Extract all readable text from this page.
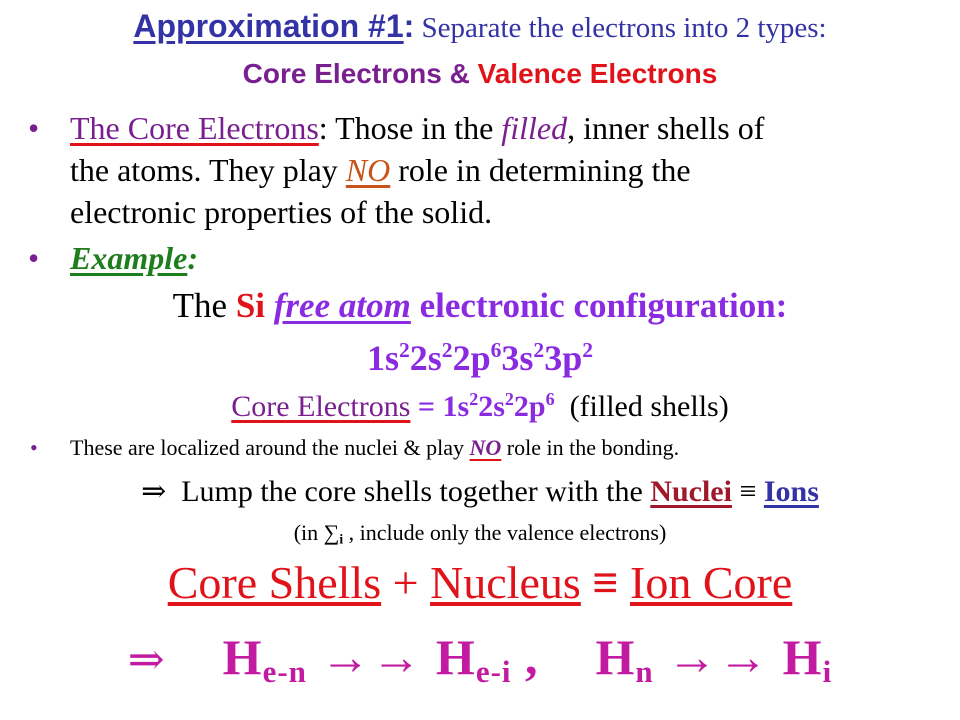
Approximation #1: Separate the electrons into 2 types:
Core Electrons & Valence Electrons
• The Core Electrons: Those in the filled, inner shells of
the atoms. They play NO role in determining the
electronic properties of the solid.
• Example:
The Si free atom electronic configuration:
$1s^22s^22p^63s^23p^2$
Core Electrons = $1s^22s^22p^6$  (filled shells)
• These are localized around the nuclei & play NO role in the bonding.
⇒  Lump the core shells together with the Nuclei ≡ Ions
(in $\sum_i$ , include only the valence electrons)
Core Shells + Nucleus ≡ Ion Core
⇒ $H_{e-n} \to\to H_{e-i}$ , $H_n \to\to H_i$
